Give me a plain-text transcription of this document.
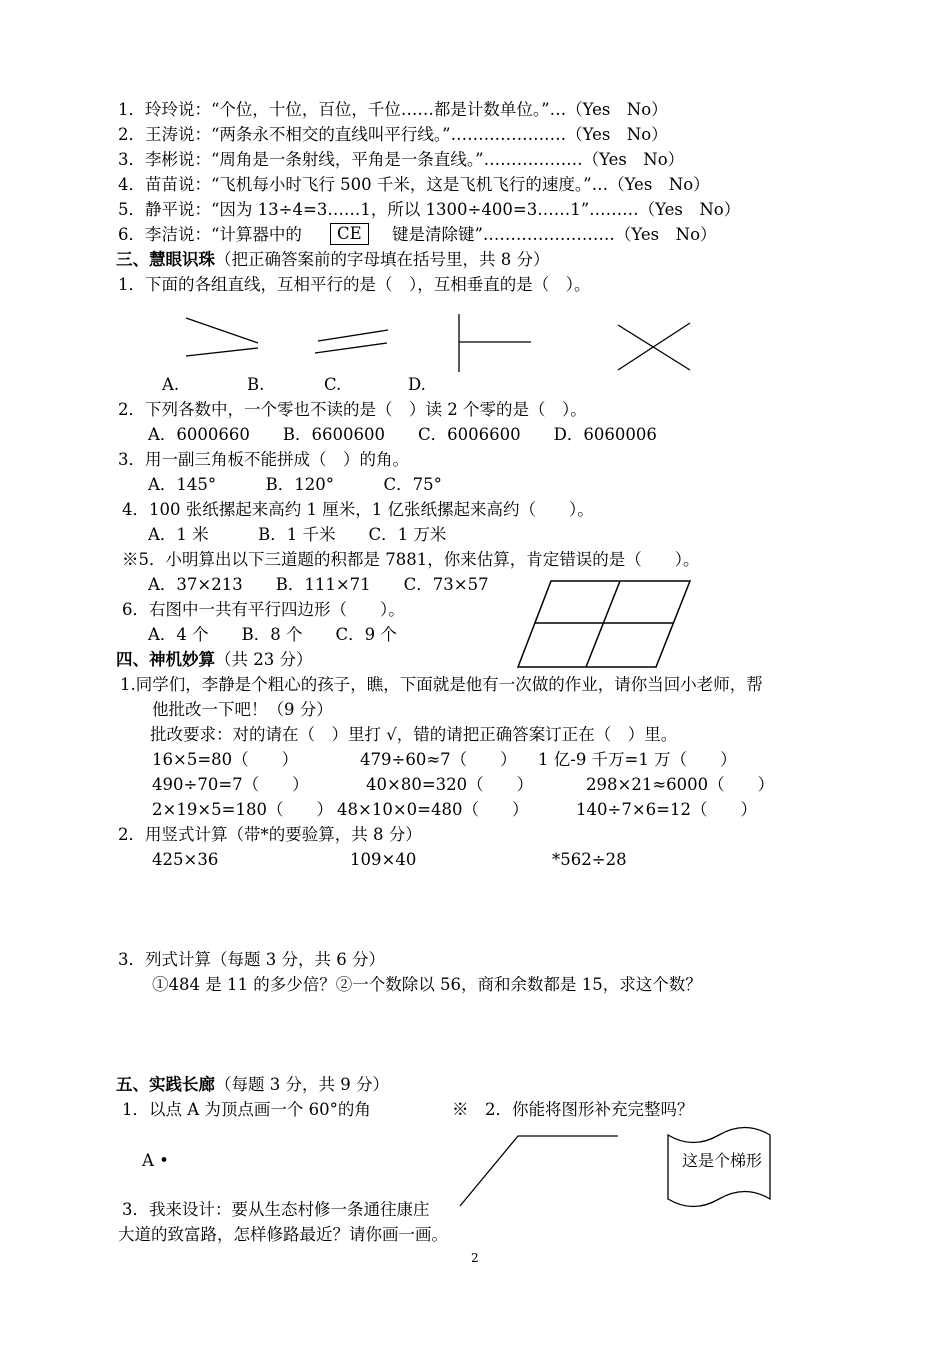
1．玲玲说：“个位，十位，百位，千位……都是计数单位。”…（Yes　No）
2．王涛说：“两条永不相交的直线叫平行线。”…………………（Yes　No）
3．李彬说：“周角是一条射线，平角是一条直线。”………………（Yes　No）
4．苗苗说：“飞机每小时飞行 500 千米，这是飞机飞行的速度。”…（Yes　No）
5．静平说：“因为 13÷4=3……1，所以 1300÷400=3……1”………（Yes　No）
6．李洁说：“计算器中的	CE	键是清除键”……………………（Yes　No）
三、慧眼识珠（把正确答案前的字母填在括号里，共 8 分）
1．下面的各组直线，互相平行的是（　），互相垂直的是（　）。
A.	B.	C.	D.
2．下列各数中，一个零也不读的是（　）读 2 个零的是（　）。
A．6000660　　B．6600600　　C．6006600　　D．6060006
3．用一副三角板不能拼成（　）的角。
A．145°　　　B．120°　　　C．75°
4．100 张纸摞起来高约 1 厘米，1 亿张纸摞起来高约（　　）。
A．1 米　　　B．1 千米　　C．1 万米
※5．小明算出以下三道题的积都是 7881，你来估算，肯定错误的是（　　）。
A．37×213　　B．111×71　　C．73×57
6．右图中一共有平行四边形（　　）。
A．4 个　　B．8 个　　C．9 个
四、神机妙算（共 23 分）
1.同学们，李静是个粗心的孩子，瞧，下面就是他有一次做的作业，请你当回小老师，帮
他批改一下吧！（9 分）
批改要求：对的请在（　）里打 √，错的请把正确答案订正在（　）里。
16×5=80（　　）	479÷60≈7（　　） 1 亿-9 千万=1 万（　　）
490÷70=7（　　）	40×80=320（　　）	298×21≈6000（　　）
2×19×5=180（　　） 48×10×0=480（　　）	140÷7×6=12（　　）
2．用竖式计算（带*的要验算，共 8 分）
425×36	109×40	*562÷28
3．列式计算（每题 3 分，共 6 分）
①484 是 11 的多少倍？②一个数除以 56，商和余数都是 15，求这个数？
五、实践长廊（每题 3 分，共 9 分）
1．以点 A 为顶点画一个 60°的角	※　2．你能将图形补充完整吗？
A •	这是个梯形
3．我来设计：要从生态村修一条通往康庄
大道的致富路，怎样修路最近？请你画一画。
2
